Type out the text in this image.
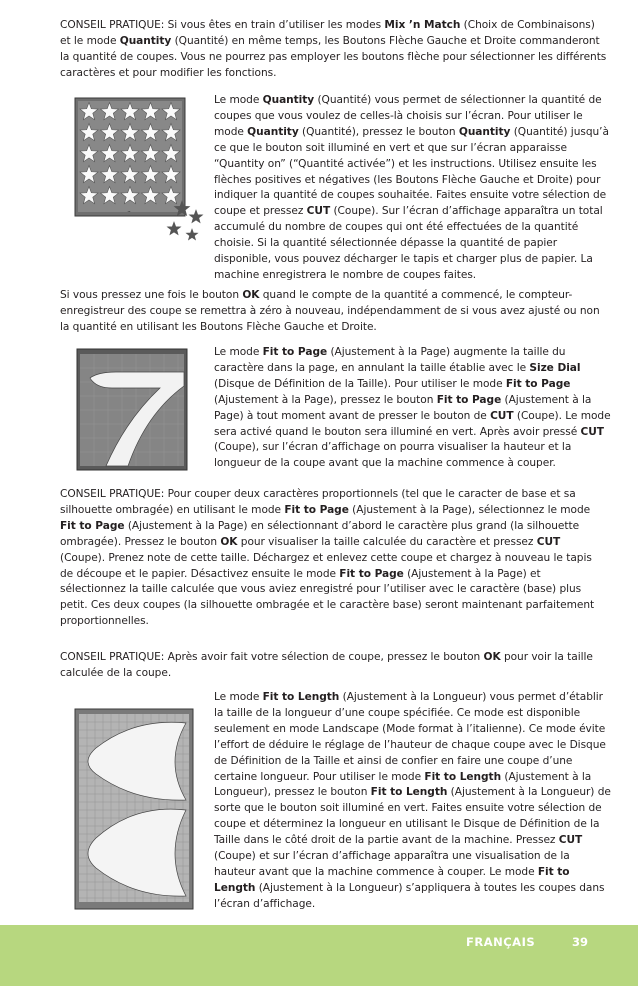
CONSEIL PRATIQUE: Si vous êtes en train d’utiliser les modes Mix ’n Match (Choix de Combinaisons) et le mode Quantity (Quantité) en même temps, les Boutons Flèche Gauche et Droite commanderont la quantité de coupes. Vous ne pourrez pas employer les boutons flèche pour sélectionner les différents caractères et pour modifier les fonctions.
~
Le mode Quantity (Quantité) vous permet de sélectionner la quantité de coupes que vous voulez de celles-là choisis sur l’écran. Pour utiliser le mode Quantity (Quantité), pressez le bouton Quantity (Quantité) jusqu’à ce que le bouton soit illuminé en vert et que sur l’écran apparaisse “Quantity on” (“Quantité activée”) et les instructions. Utilisez ensuite les flèches positives et négatives (les Boutons Flèche Gauche et Droite) pour indiquer la quantité de coupes souhaitée. Faites ensuite votre sélection de coupe et pressez CUT (Coupe). Sur l’écran d’affichage apparaîtra un total accumulé du nombre de coupes qui ont été effectuées de la quantité choisie. Si la quantité sélectionnée dépasse la quantité de papier disponible, vous pouvez décharger le tapis et charger plus de papier. La machine enregistrera le nombre de coupes faites.
Si vous pressez une fois le bouton OK quand le compte de la quantité a commencé, le compteur-enregistreur des coupe se remettra à zéro à nouveau, indépendamment de si vous avez ajusté ou non la quantité en utilisant les Boutons Flèche Gauche et Droite.
Le mode Fit to Page (Ajustement à la Page) augmente la taille du caractère dans la page, en annulant la taille établie avec le Size Dial (Disque de Définition de la Taille). Pour utiliser le mode Fit to Page (Ajustement à la Page), pressez le bouton Fit to Page (Ajustement à la Page) à tout moment avant de presser le bouton de CUT (Coupe). Le mode sera activé quand le bouton sera illuminé en vert. Après avoir pressé CUT (Coupe), sur l’écran d’affichage on pourra visualiser la hauteur et la longueur de la coupe avant que la machine commence à couper.
CONSEIL PRATIQUE: Pour couper deux caractères proportionnels (tel que le caracter de base et sa silhouette ombragée) en utilisant le mode Fit to Page (Ajustement à la Page), sélectionnez le mode Fit to Page (Ajustement à la Page) en sélectionnant d’abord le caractère plus grand (la silhouette ombragée). Pressez le bouton OK pour visualiser la taille calculée du caractère et pressez CUT (Coupe). Prenez note de cette taille. Déchargez et enlevez cette coupe et chargez à nouveau le tapis de découpe et le papier. Désactivez ensuite le mode Fit to Page (Ajustement à la Page) et sélectionnez la taille calculée que vous aviez enregistré pour l’utiliser avec le caractère (base) plus petit. Ces deux coupes (la silhouette ombragée et le caractère base) seront maintenant parfaitement proportionnelles.
CONSEIL PRATIQUE: Après avoir fait votre sélection de coupe, pressez le bouton OK pour voir la taille calculée de la coupe.
Le mode Fit to Length (Ajustement à la Longueur) vous permet d’établir la taille de la longueur d’une coupe spécifiée. Ce mode est disponible seulement en mode Landscape (Mode format à l’italienne). Ce mode évite l’effort de déduire le réglage de l’hauteur de chaque coupe avec le Disque de Définition de la Taille et ainsi de confier en faire une coupe d’une certaine longueur. Pour utiliser le mode Fit to Length (Ajustement à la Longueur), pressez le bouton Fit to Length (Ajustement à la Longueur) de sorte que le bouton soit illuminé en vert. Faites ensuite votre sélection de coupe et déterminez la longueur en utilisant le Disque de Définition de la Taille dans le côté droit de la partie avant de la machine. Pressez CUT (Coupe) et sur l’écran d’affichage apparaîtra une visualisation de la hauteur avant que la machine commence à couper. Le mode Fit to Length (Ajustement à la Longueur) s’appliquera à toutes les coupes dans l’écran d’affichage.
FRANÇAIS	39
